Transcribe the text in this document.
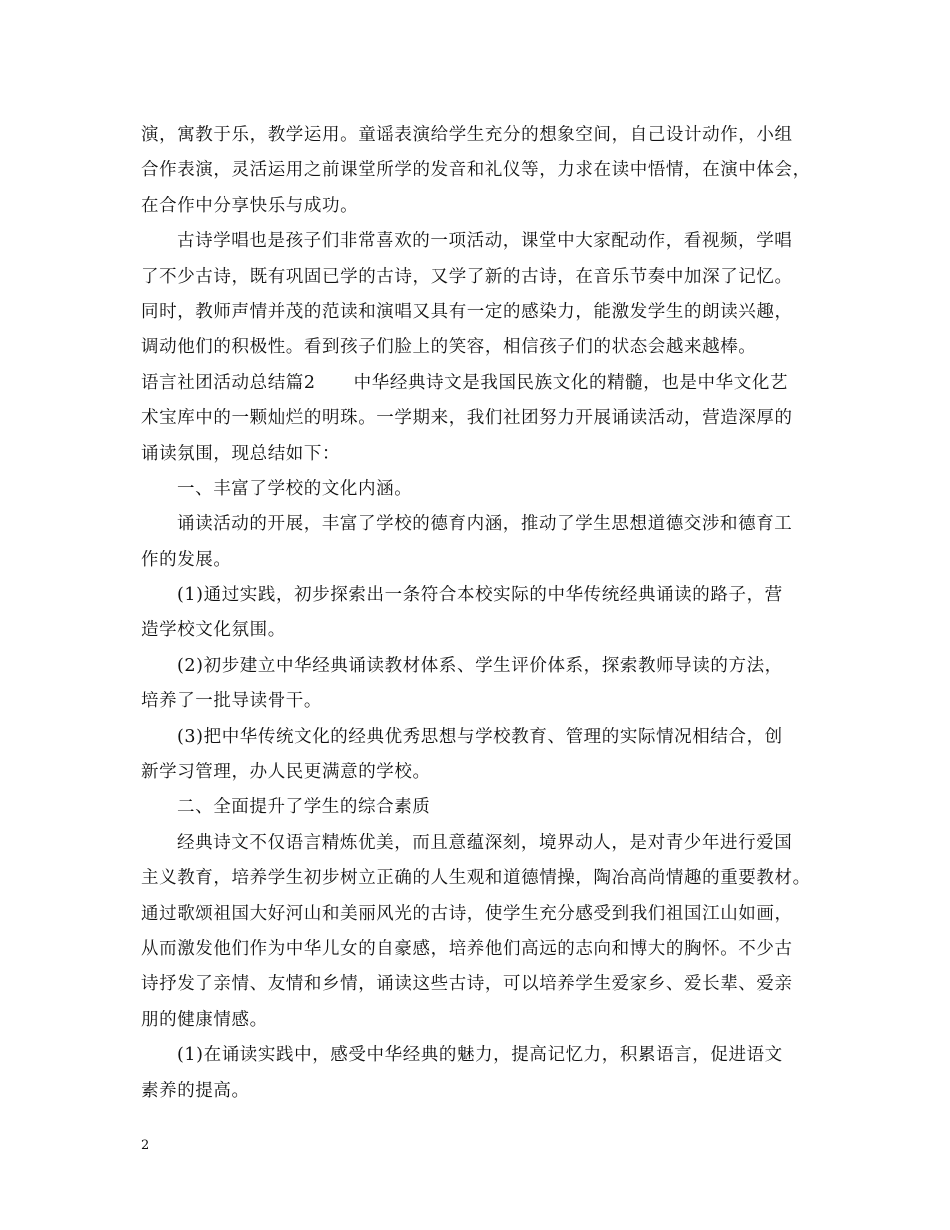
演，寓教于乐，教学运用。童谣表演给学生充分的想象空间，自己设计动作，小组
合作表演，灵活运用之前课堂所学的发音和礼仪等，力求在读中悟情，在演中体会，
在合作中分享快乐与成功。
古诗学唱也是孩子们非常喜欢的一项活动，课堂中大家配动作，看视频，学唱
了不少古诗，既有巩固已学的古诗，又学了新的古诗，在音乐节奏中加深了记忆。
同时，教师声情并茂的范读和演唱又具有一定的感染力，能激发学生的朗读兴趣，
调动他们的积极性。看到孩子们脸上的笑容，相信孩子们的状态会越来越棒。
语言社团活动总结篇2 中华经典诗文是我国民族文化的精髓，也是中华文化艺
术宝库中的一颗灿烂的明珠。一学期来，我们社团努力开展诵读活动，营造深厚的
诵读氛围，现总结如下：
一、丰富了学校的文化内涵。
诵读活动的开展，丰富了学校的德育内涵，推动了学生思想道德交涉和德育工
作的发展。
(1)通过实践，初步探索出一条符合本校实际的中华传统经典诵读的路子，营
造学校文化氛围。
(2)初步建立中华经典诵读教材体系、学生评价体系，探索教师导读的方法，
培养了一批导读骨干。
(3)把中华传统文化的经典优秀思想与学校教育、管理的实际情况相结合，创
新学习管理，办人民更满意的学校。
二、全面提升了学生的综合素质
经典诗文不仅语言精炼优美，而且意蕴深刻，境界动人，是对青少年进行爱国
主义教育，培养学生初步树立正确的人生观和道德情操，陶冶高尚情趣的重要教材。
通过歌颂祖国大好河山和美丽风光的古诗，使学生充分感受到我们祖国江山如画，
从而激发他们作为中华儿女的自豪感，培养他们高远的志向和博大的胸怀。不少古
诗抒发了亲情、友情和乡情，诵读这些古诗，可以培养学生爱家乡、爱长辈、爱亲
朋的健康情感。
(1)在诵读实践中，感受中华经典的魅力，提高记忆力，积累语言，促进语文
素养的提高。
2
